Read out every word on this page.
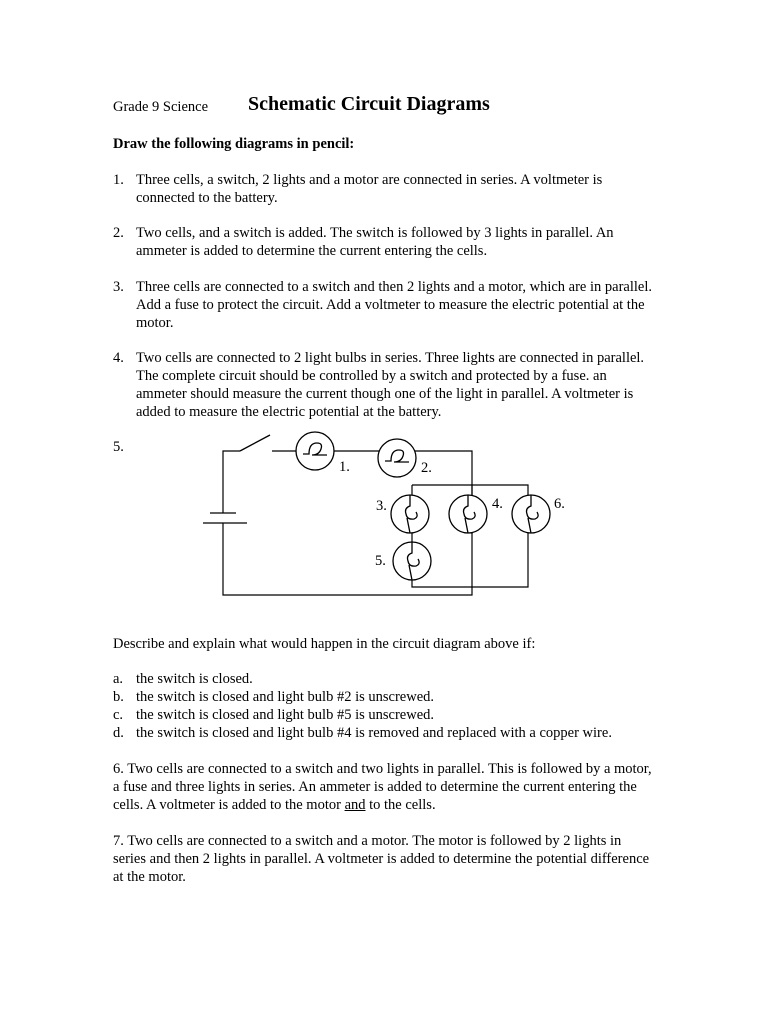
Grade 9 Science Schematic Circuit Diagrams
Draw the following diagrams in pencil:
1. Three cells, a switch, 2 lights and a motor are connected in series. A voltmeter is connected to the battery.
2. Two cells, and a switch is added. The switch is followed by 3 lights in parallel. An ammeter is added to determine the current entering the cells.
3. Three cells are connected to a switch and then 2 lights and a motor, which are in parallel. Add a fuse to protect the circuit. Add a voltmeter to measure the electric potential at the motor.
4. Two cells are connected to 2 light bulbs in series. Three lights are connected in parallel. The complete circuit should be controlled by a switch and protected by a fuse. an ammeter should measure the current though one of the light in parallel. A voltmeter is added to measure the electric potential at the battery.
5.
1.	2.
3.	4.
5.
6.
Describe and explain what would happen in the circuit diagram above if:
a. the switch is closed.
b. the switch is closed and light bulb #2 is unscrewed.
c. the switch is closed and light bulb #5 is unscrewed.
d. the switch is closed and light bulb #4 is removed and replaced with a copper wire.
6. Two cells are connected to a switch and two lights in parallel. This is followed by a motor, a fuse and three lights in series. An ammeter is added to determine the current entering the cells. A voltmeter is added to the motor and to the cells.
7. Two cells are connected to a switch and a motor. The motor is followed by 2 lights in series and then 2 lights in parallel. A voltmeter is added to determine the potential difference at the motor.
